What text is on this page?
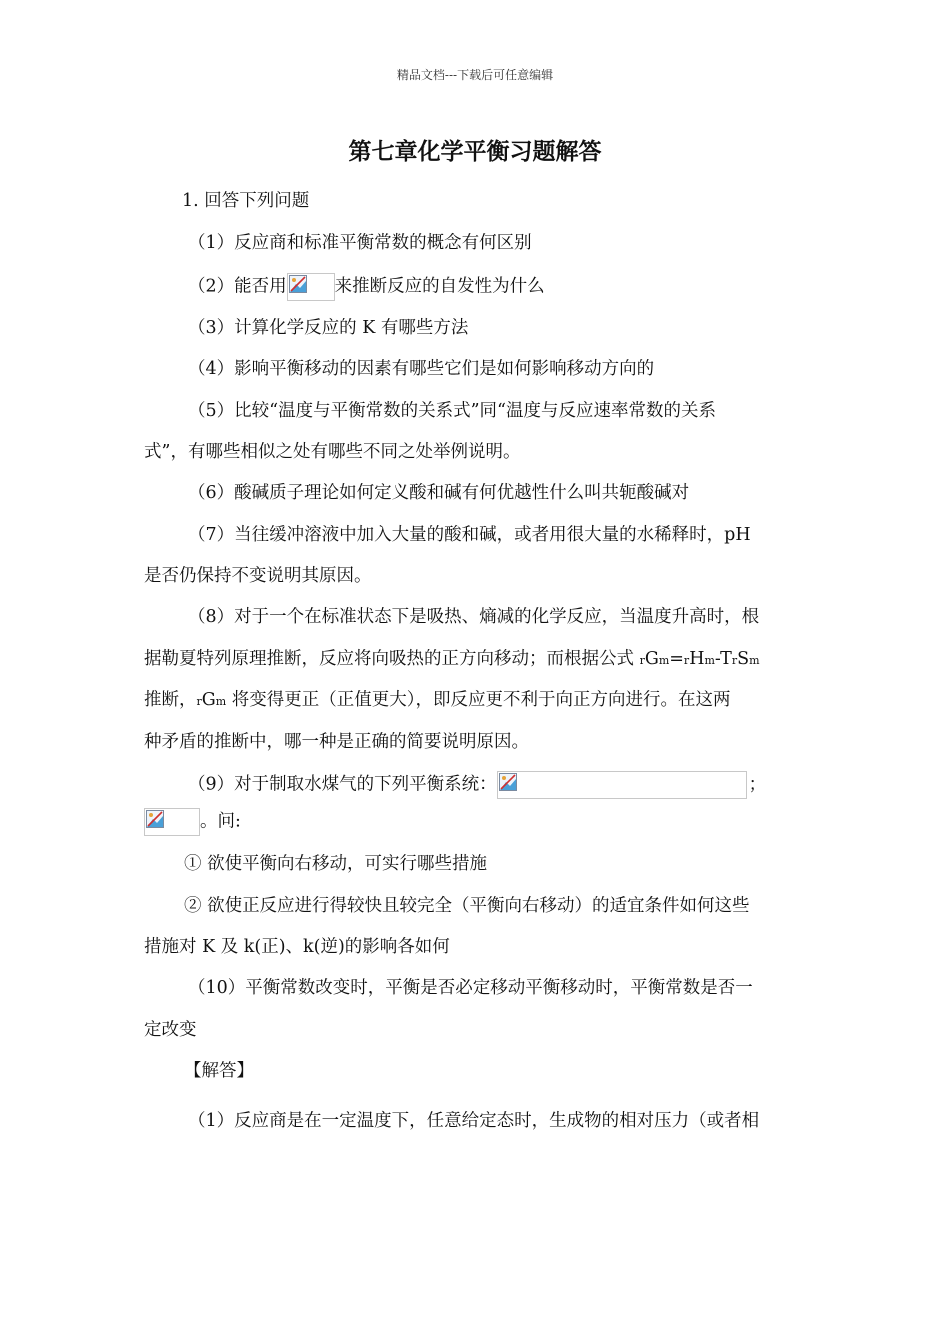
精品文档---下载后可任意编辑
第七章化学平衡习题解答
1. 回答下列问题
（1）反应商和标准平衡常数的概念有何区别
（2）能否用	来推断反应的自发性为什么
（3）计算化学反应的 K 有哪些方法
（4）影响平衡移动的因素有哪些它们是如何影响移动方向的
（5）比较“温度与平衡常数的关系式”同“温度与反应速率常数的关系
式”，有哪些相似之处有哪些不同之处举例说明。
（6）酸碱质子理论如何定义酸和碱有何优越性什么叫共轭酸碱对
（7）当往缓冲溶液中加入大量的酸和碱，或者用很大量的水稀释时，pH
是否仍保持不变说明其原因。
（8）对于一个在标准状态下是吸热、熵减的化学反应，当温度升高时，根
据勒夏特列原理推断，反应将向吸热的正方向移动；而根据公式 rGm=rHm-TrSm
推断，rGm 将变得更正（正值更大），即反应更不利于向正方向进行。在这两
种矛盾的推断中，哪一种是正确的简要说明原因。
（9）对于制取水煤气的下列平衡系统：	；
。问:
① 欲使平衡向右移动，可实行哪些措施
② 欲使正反应进行得较快且较完全（平衡向右移动）的适宜条件如何这些
措施对 K 及 k(正)、k(逆)的影响各如何
（10）平衡常数改变时，平衡是否必定移动平衡移动时，平衡常数是否一
定改变
【解答】
（1）反应商是在一定温度下，任意给定态时，生成物的相对压力（或者相
